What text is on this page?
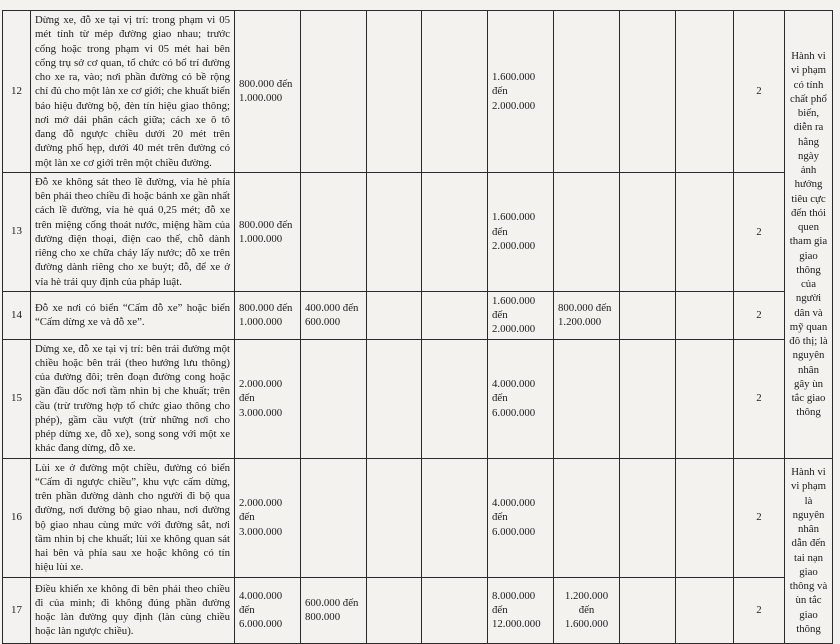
12	Dừng xe, đỗ xe tại vị trí: trong phạm vi 05 mét tính từ mép đường giao nhau; trước cổng hoặc trong phạm vi 05 mét hai bên cổng trụ sở cơ quan, tổ chức có bố trí đường cho xe ra, vào; nơi phần đường có bề rộng chỉ đủ cho một làn xe cơ giới; che khuất biển báo hiệu đường bộ, đèn tín hiệu giao thông; nơi mở dải phân cách giữa; cách xe ô tô đang đỗ ngược chiều dưới 20 mét trên đường phố hẹp, dưới 40 mét trên đường có một làn xe cơ giới trên một chiều đường.	800.000 đến 1.000.000				1.600.000 đến 2.000.000				2	Hành vi vi phạm có tính chất phổ biến, diễn ra hằng ngày ảnh hưởng tiêu cực đến thói quen tham gia giao thông của người dân và mỹ quan đô thị; là nguyên nhân gây ùn tắc giao thông
13	Đỗ xe không sát theo lề đường, vỉa hè phía bên phải theo chiều đi hoặc bánh xe gần nhất cách lề đường, vỉa hè quá 0,25 mét; đỗ xe trên miệng cống thoát nước, miệng hầm của đường điện thoại, điện cao thế, chỗ dành riêng cho xe chữa cháy lấy nước; đỗ xe trên đường dành riêng cho xe buýt; đỗ, để xe ở vỉa hè trái quy định của pháp luật.	800.000 đến 1.000.000				1.600.000 đến 2.000.000				2	
14	Đỗ xe nơi có biển “Cấm đỗ xe” hoặc biển “Cấm dừng xe và đỗ xe”.	800.000 đến 1.000.000	400.000 đến 600.000			1.600.000 đến 2.000.000	800.000 đến 1.200.000			2	
15	Dừng xe, đỗ xe tại vị trí: bên trái đường một chiều hoặc bên trái (theo hướng lưu thông) của đường đôi; trên đoạn đường cong hoặc gần đầu dốc nơi tầm nhìn bị che khuất; trên cầu (trừ trường hợp tổ chức giao thông cho phép), gầm cầu vượt (trừ những nơi cho phép dừng xe, đỗ xe), song song với một xe khác đang dừng, đỗ xe.	2.000.000 đến 3.000.000				4.000.000 đến 6.000.000				2	
16	Lùi xe ở đường một chiều, đường có biển “Cấm đi ngược chiều”, khu vực cấm dừng, trên phần đường dành cho người đi bộ qua đường, nơi đường bộ giao nhau, nơi đường bộ giao nhau cùng mức với đường sắt, nơi tầm nhìn bị che khuất; lùi xe không quan sát hai bên và phía sau xe hoặc không có tín hiệu lùi xe.	2.000.000 đến 3.000.000				4.000.000 đến 6.000.000				2	Hành vi vi phạm là nguyên nhân dẫn đến tai nạn giao thông và ùn tắc giao thông
17	Điều khiển xe không đi bên phải theo chiều đi của mình; đi không đúng phần đường hoặc làn đường quy định (làn cùng chiều hoặc làn ngược chiều).	4.000.000 đến 6.000.000	600.000 đến 800.000			8.000.000 đến 12.000.000	1.200.000 đến 1.600.000			2	
